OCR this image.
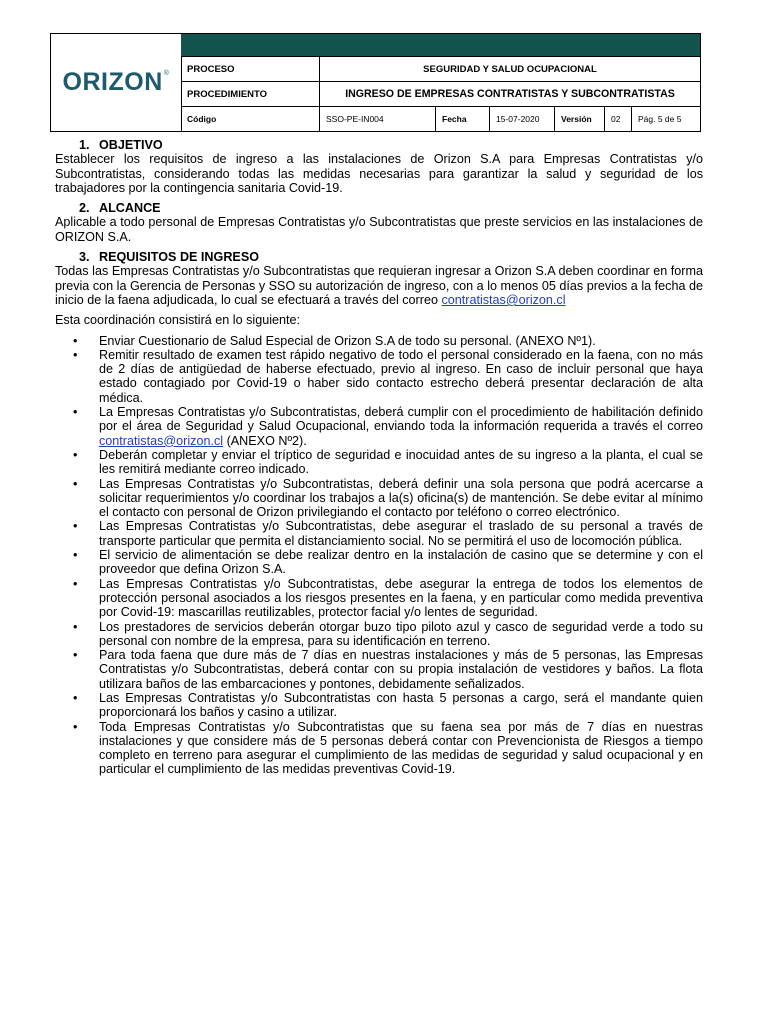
ORIZON®	PROCESO	SEGURIDAD Y SALUD OCUPACIONAL
PROCEDIMIENTO	INGRESO DE EMPRESAS CONTRATISTAS Y SUBCONTRATISTAS
Código	SSO-PE-IN004	Fecha	15-07-2020	Versión	02	Pág. 5 de 5

1. OBJETIVO

Establecer los requisitos de ingreso a las instalaciones de Orizon S.A para Empresas Contratistas y/o Subcontratistas, considerando todas las medidas necesarias para garantizar la salud y seguridad de los trabajadores por la contingencia sanitaria Covid-19.

2. ALCANCE

Aplicable a todo personal de Empresas Contratistas y/o Subcontratistas que preste servicios en las instalaciones de ORIZON S.A.

3. REQUISITOS DE INGRESO

Todas las Empresas Contratistas y/o Subcontratistas que requieran ingresar a Orizon S.A deben coordinar en forma previa con la Gerencia de Personas y SSO su autorización de ingreso, con a lo menos 05 días previos a la fecha de inicio de la faena adjudicada, lo cual se efectuará a través del correo contratistas@orizon.cl

Esta coordinación consistirá en lo siguiente:

• Enviar Cuestionario de Salud Especial de Orizon S.A de todo su personal. (ANEXO Nº1).
• Remitir resultado de examen test rápido negativo de todo el personal considerado en la faena, con no más de 2 días de antigüedad de haberse efectuado, previo al ingreso. En caso de incluir personal que haya estado contagiado por Covid-19 o haber sido contacto estrecho deberá presentar declaración de alta médica.
• La Empresas Contratistas y/o Subcontratistas, deberá cumplir con el procedimiento de habilitación definido por el área de Seguridad y Salud Ocupacional, enviando toda la información requerida a través el correo contratistas@orizon.cl (ANEXO Nº2).
• Deberán completar y enviar el tríptico de seguridad e inocuidad antes de su ingreso a la planta, el cual se les remitirá mediante correo indicado.
• Las Empresas Contratistas y/o Subcontratistas, deberá definir una sola persona que podrá acercarse a solicitar requerimientos y/o coordinar los trabajos a la(s) oficina(s) de mantención. Se debe evitar al mínimo el contacto con personal de Orizon privilegiando el contacto por teléfono o correo electrónico.
• Las Empresas Contratistas y/o Subcontratistas, debe asegurar el traslado de su personal a través de transporte particular que permita el distanciamiento social. No se permitirá el uso de locomoción pública.
• El servicio de alimentación se debe realizar dentro en la instalación de casino que se determine y con el proveedor que defina Orizon S.A.
• Las Empresas Contratistas y/o Subcontratistas, debe asegurar la entrega de todos los elementos de protección personal asociados a los riesgos presentes en la faena, y en particular como medida preventiva por Covid-19: mascarillas reutilizables, protector facial y/o lentes de seguridad.
• Los prestadores de servicios deberán otorgar buzo tipo piloto azul y casco de seguridad verde a todo su personal con nombre de la empresa, para su identificación en terreno.
• Para toda faena que dure más de 7 días en nuestras instalaciones y más de 5 personas, las Empresas Contratistas y/o Subcontratistas, deberá contar con su propia instalación de vestidores y baños. La flota utilizara baños de las embarcaciones y pontones, debidamente señalizados.
• Las Empresas Contratistas y/o Subcontratistas con hasta 5 personas a cargo, será el mandante quien proporcionará los baños y casino a utilizar.
• Toda Empresas Contratistas y/o Subcontratistas que su faena sea por más de 7 días en nuestras instalaciones y que considere más de 5 personas deberá contar con Prevencionista de Riesgos a tiempo completo en terreno para asegurar el cumplimiento de las medidas de seguridad y salud ocupacional y en particular el cumplimiento de las medidas preventivas Covid-19.
